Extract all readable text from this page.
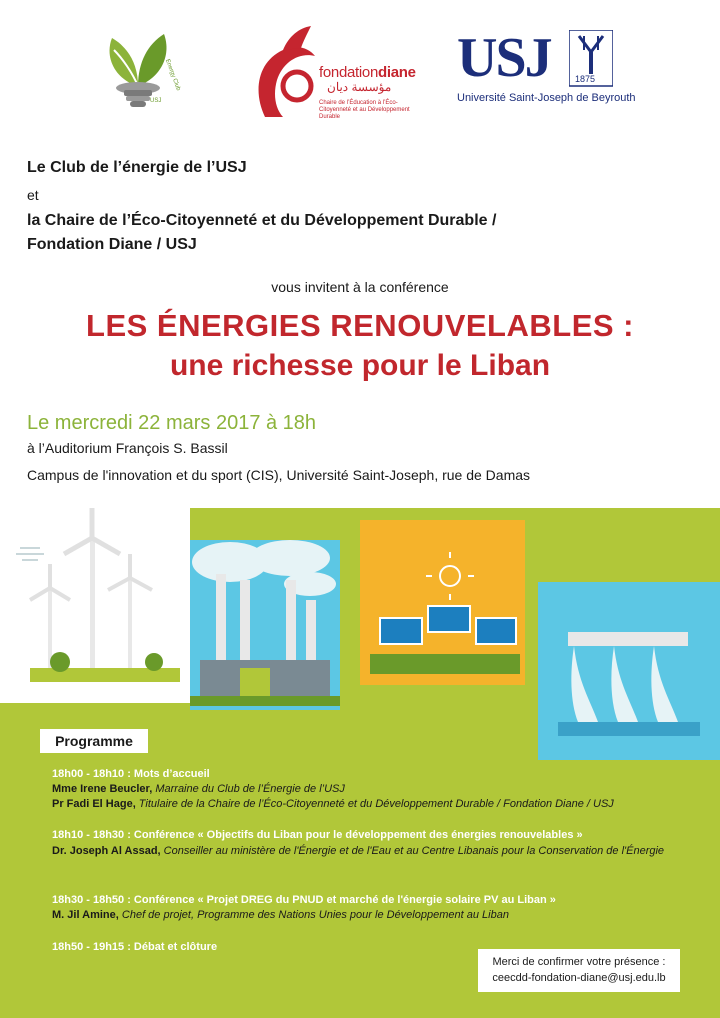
Energy Club
USJ
fondationdiane
مؤسسة ديان
Chaire de l’Éducation à l’Éco-Citoyenneté et au Développement Durable
USJ	1875
Université Saint-Joseph de Beyrouth
Le Club de l’énergie de l’USJ
et
la Chaire de l’Éco-Citoyenneté et du Développement Durable /
Fondation Diane / USJ
vous invitent à la conférence
LES ÉNERGIES RENOUVELABLES :
une richesse pour le Liban
Le mercredi 22 mars 2017 à 18h
à l’Auditorium François S. Bassil
Campus de l'innovation et du sport (CIS), Université Saint-Joseph, rue de Damas
Programme
18h00 - 18h10 : Mots d’accueil
Mme Irene Beucler, Marraine du Club de l’Énergie de l’USJ
Pr Fadi El Hage, Titulaire de la Chaire de l’Éco-Citoyenneté et du Développement Durable / Fondation Diane / USJ
18h10 - 18h30 : Conférence « Objectifs du Liban pour le développement des énergies renouvelables »
Dr. Joseph Al Assad, Conseiller au ministère de l'Énergie et de l'Eau et au Centre Libanais pour la Conservation de l'Énergie
18h30 - 18h50 : Conférence « Projet DREG du PNUD et marché de l'énergie solaire PV au Liban »
M. Jil Amine, Chef de projet, Programme des Nations Unies pour le Développement au Liban
18h50 - 19h15 : Débat et clôture
Merci de confirmer votre présence :
ceecdd-fondation-diane@usj.edu.lb
